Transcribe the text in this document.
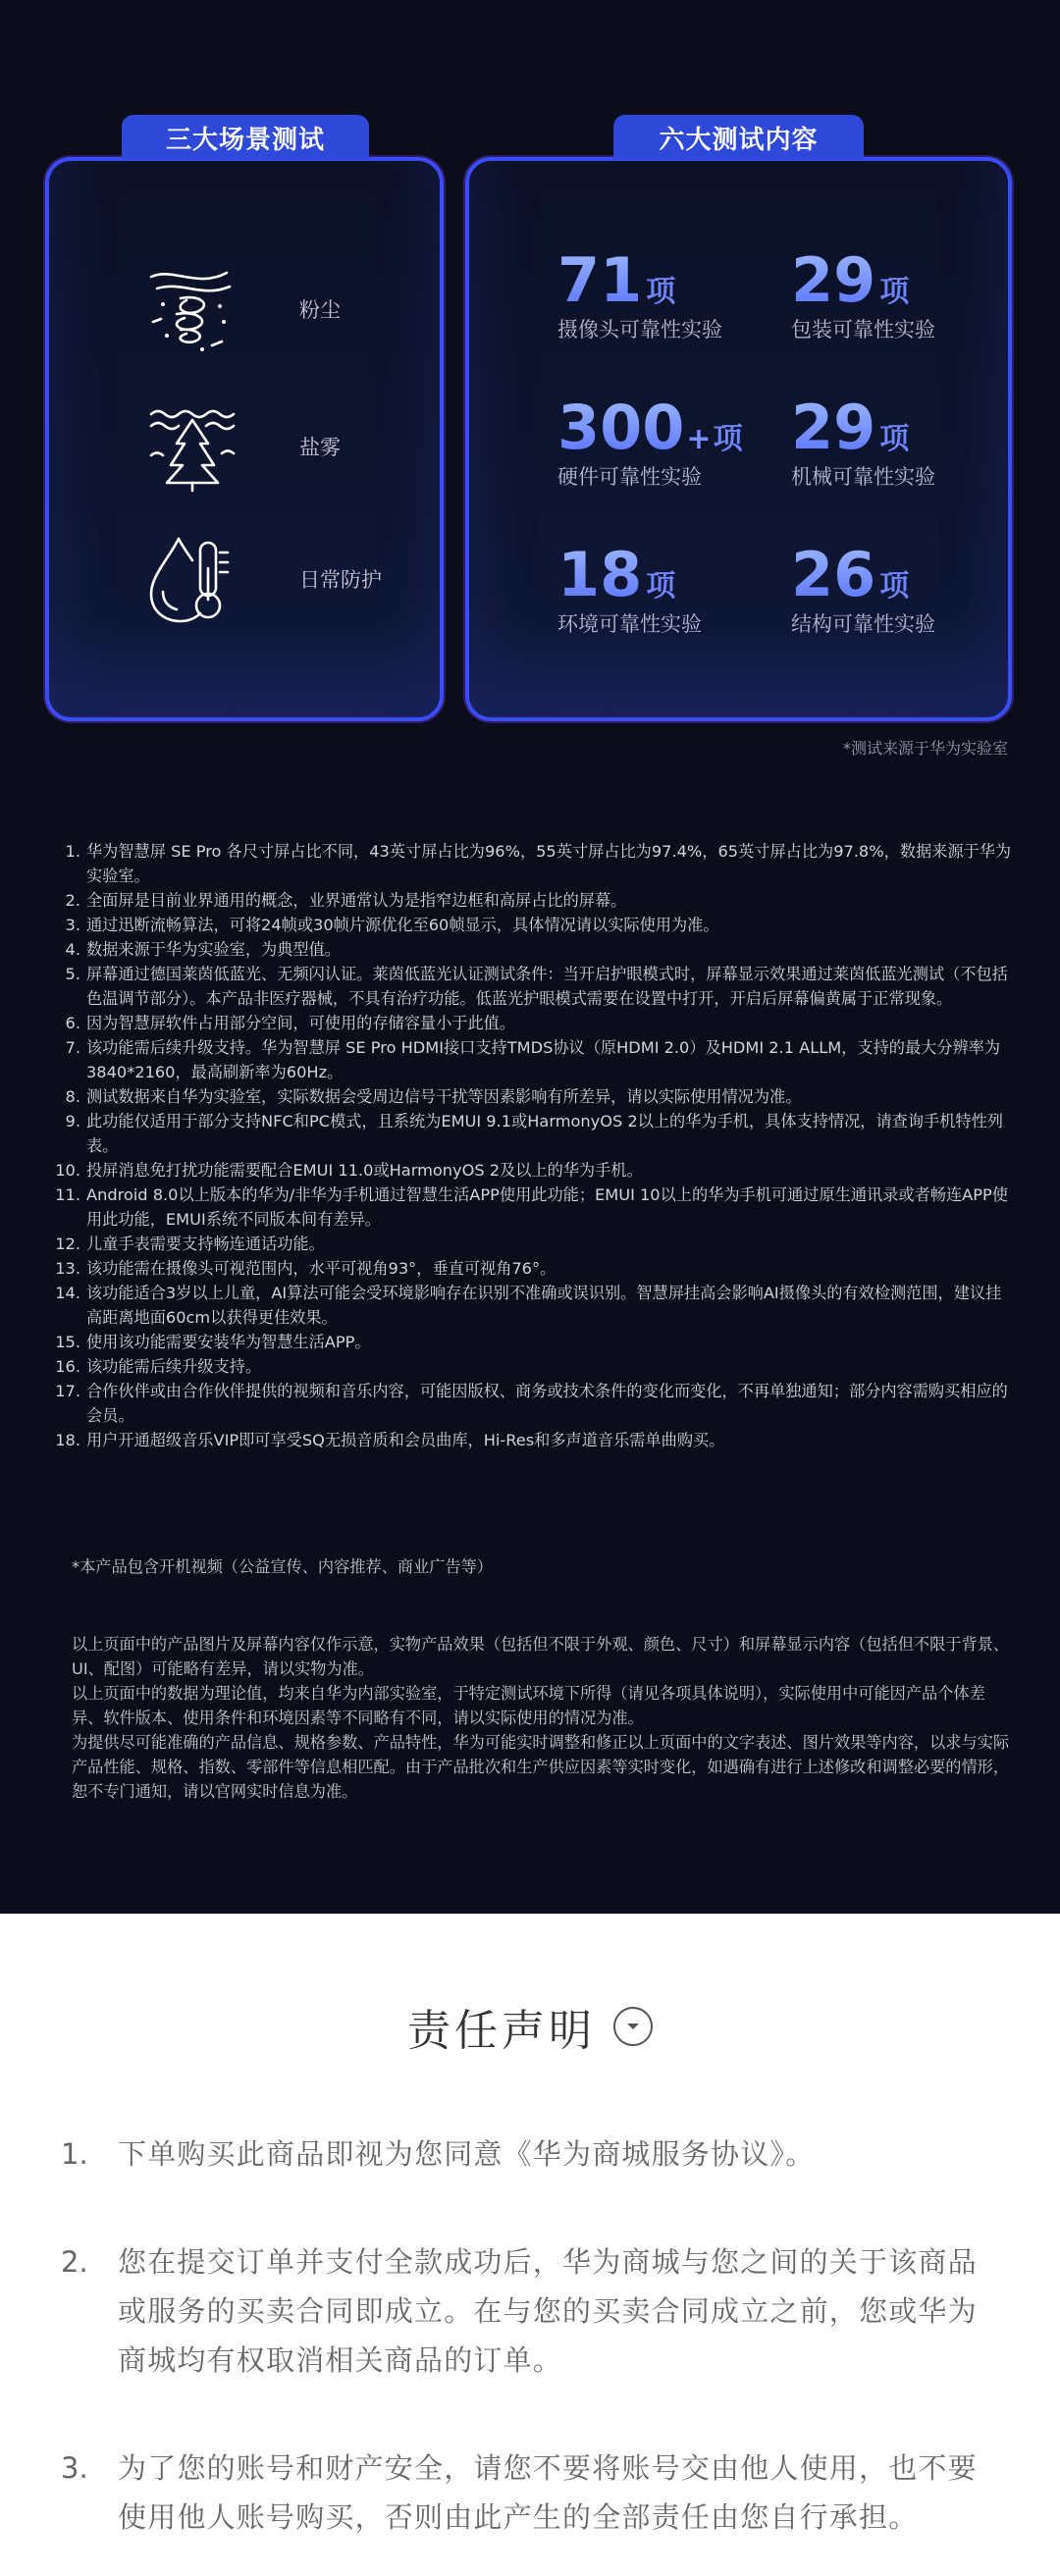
粉尘
盐雾
日常防护
三大场景测试
71 项
摄像头可靠性实验
29 项
包装可靠性实验
300 + 项
硬件可靠性实验
29 项
机械可靠性实验
18 项
环境可靠性实验
26 项
结构可靠性实验
六大测试内容
*测试来源于华为实验室
1. 华为智慧屏 SE Pro 各尺寸屏占比不同，43英寸屏占比为96%，55英寸屏占比为97.4%，65英寸屏占比为97.8%，数据来源于华为实验室。
2. 全面屏是目前业界通用的概念，业界通常认为是指窄边框和高屏占比的屏幕。
3. 通过迅断流畅算法，可将24帧或30帧片源优化至60帧显示，具体情况请以实际使用为准。
4. 数据来源于华为实验室，为典型值。
5. 屏幕通过德国莱茵低蓝光、无频闪认证。莱茵低蓝光认证测试条件：当开启护眼模式时，屏幕显示效果通过莱茵低蓝光测试（不包括色温调节部分）。本产品非医疗器械，不具有治疗功能。低蓝光护眼模式需要在设置中打开，开启后屏幕偏黄属于正常现象。
6. 因为智慧屏软件占用部分空间，可使用的存储容量小于此值。
7. 该功能需后续升级支持。华为智慧屏 SE Pro HDMI接口支持TMDS协议（原HDMI 2.0）及HDMI 2.1 ALLM，支持的最大分辨率为3840*2160，最高刷新率为60Hz。
8. 测试数据来自华为实验室，实际数据会受周边信号干扰等因素影响有所差异，请以实际使用情况为准。
9. 此功能仅适用于部分支持NFC和PC模式，且系统为EMUI 9.1或HarmonyOS 2以上的华为手机，具体支持情况，请查询手机特性列表。
10. 投屏消息免打扰功能需要配合EMUI 11.0或HarmonyOS 2及以上的华为手机。
11. Android 8.0以上版本的华为/非华为手机通过智慧生活APP使用此功能；EMUI 10以上的华为手机可通过原生通讯录或者畅连APP使用此功能，EMUI系统不同版本间有差异。
12. 儿童手表需要支持畅连通话功能。
13. 该功能需在摄像头可视范围内，水平可视角93°，垂直可视角76°。
14. 该功能适合3岁以上儿童，AI算法可能会受环境影响存在识别不准确或误识别。智慧屏挂高会影响AI摄像头的有效检测范围，建议挂高距离地面60cm以获得更佳效果。
15. 使用该功能需要安装华为智慧生活APP。
16. 该功能需后续升级支持。
17. 合作伙伴或由合作伙伴提供的视频和音乐内容，可能因版权、商务或技术条件的变化而变化，不再单独通知；部分内容需购买相应的会员。
18. 用户开通超级音乐VIP即可享受SQ无损音质和会员曲库，Hi-Res和多声道音乐需单曲购买。
*本产品包含开机视频（公益宣传、内容推荐、商业广告等）

以上页面中的产品图片及屏幕内容仅作示意，实物产品效果（包括但不限于外观、颜色、尺寸）和屏幕显示内容（包括但不限于背景、UI、配图）可能略有差异，请以实物为准。

以上页面中的数据为理论值，均来自华为内部实验室，于特定测试环境下所得（请见各项具体说明），实际使用中可能因产品个体差异、软件版本、使用条件和环境因素等不同略有不同，请以实际使用的情况为准。

为提供尽可能准确的产品信息、规格参数、产品特性，华为可能实时调整和修正以上页面中的文字表述、图片效果等内容，以求与实际产品性能、规格、指数、零部件等信息相匹配。由于产品批次和生产供应因素等实时变化，如遇确有进行上述修改和调整必要的情形，恕不专门通知，请以官网实时信息为准。

责任声明
1.	下单购买此商品即视为您同意《华为商城服务协议》。
2.	您在提交订单并支付全款成功后，华为商城与您之间的关于该商品或服务的买卖合同即成立。在与您的买卖合同成立之前，您或华为商城均有权取消相关商品的订单。
3.	为了您的账号和财产安全，请您不要将账号交由他人使用，也不要使用他人账号购买，否则由此产生的全部责任由您自行承担。
